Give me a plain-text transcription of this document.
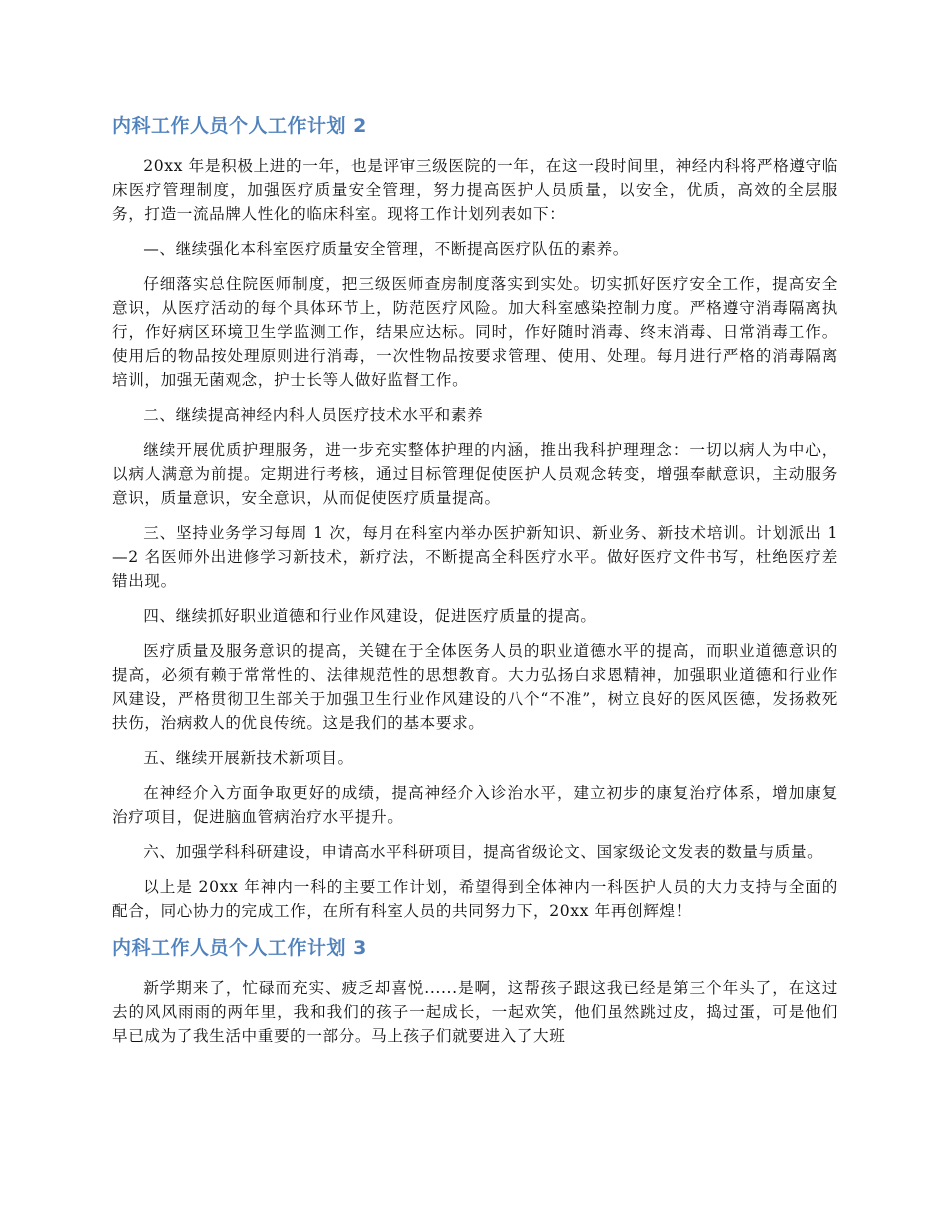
内科工作人员个人工作计划 2

20xx 年是积极上进的一年，也是评审三级医院的一年，在这一段时间里，神经内科将严格遵守临床医疗管理制度，加强医疗质量安全管理，努力提高医护人员质量，以安全，优质，高效的全层服务，打造一流品牌人性化的临床科室。现将工作计划列表如下：

—、继续强化本科室医疗质量安全管理，不断提高医疗队伍的素养。

仔细落实总住院医师制度，把三级医师查房制度落实到实处。切实抓好医疗安全工作，提高安全意识，从医疗活动的每个具体环节上，防范医疗风险。加大科室感染控制力度。严格遵守消毒隔离执行，作好病区环境卫生学监测工作，结果应达标。同时，作好随时消毒、终末消毒、日常消毒工作。使用后的物品按处理原则进行消毒，一次性物品按要求管理、使用、处理。每月进行严格的消毒隔离培训，加强无菌观念，护士长等人做好监督工作。

二、继续提高神经内科人员医疗技术水平和素养

继续开展优质护理服务，进一步充实整体护理的内涵，推出我科护理理念：一切以病人为中心，以病人满意为前提。定期进行考核，通过目标管理促使医护人员观念转变，增强奉献意识，主动服务意识，质量意识，安全意识，从而促使医疗质量提高。

三、坚持业务学习每周 1 次，每月在科室内举办医护新知识、新业务、新技术培训。计划派出 1—2 名医师外出进修学习新技术，新疗法，不断提高全科医疗水平。做好医疗文件书写，杜绝医疗差错出现。

四、继续抓好职业道德和行业作风建设，促进医疗质量的提高。

医疗质量及服务意识的提高，关键在于全体医务人员的职业道德水平的提高，而职业道德意识的提高，必须有赖于常常性的、法律规范性的思想教育。大力弘扬白求恩精神，加强职业道德和行业作风建设，严格贯彻卫生部关于加强卫生行业作风建设的八个“不准”，树立良好的医风医德，发扬救死扶伤，治病救人的优良传统。这是我们的基本要求。

五、继续开展新技术新项目。

在神经介入方面争取更好的成绩，提高神经介入诊治水平，建立初步的康复治疗体系，增加康复治疗项目，促进脑血管病治疗水平提升。

六、加强学科科研建设，申请高水平科研项目，提高省级论文、国家级论文发表的数量与质量。

以上是 20xx 年神内一科的主要工作计划，希望得到全体神内一科医护人员的大力支持与全面的配合，同心协力的完成工作，在所有科室人员的共同努力下，20xx 年再创辉煌！

内科工作人员个人工作计划 3

新学期来了，忙碌而充实、疲乏却喜悦......是啊，这帮孩子跟这我已经是第三个年头了，在这过去的风风雨雨的两年里，我和我们的孩子一起成长，一起欢笑，他们虽然跳过皮，捣过蛋，可是他们早已成为了我生活中重要的一部分。马上孩子们就要进入了大班
